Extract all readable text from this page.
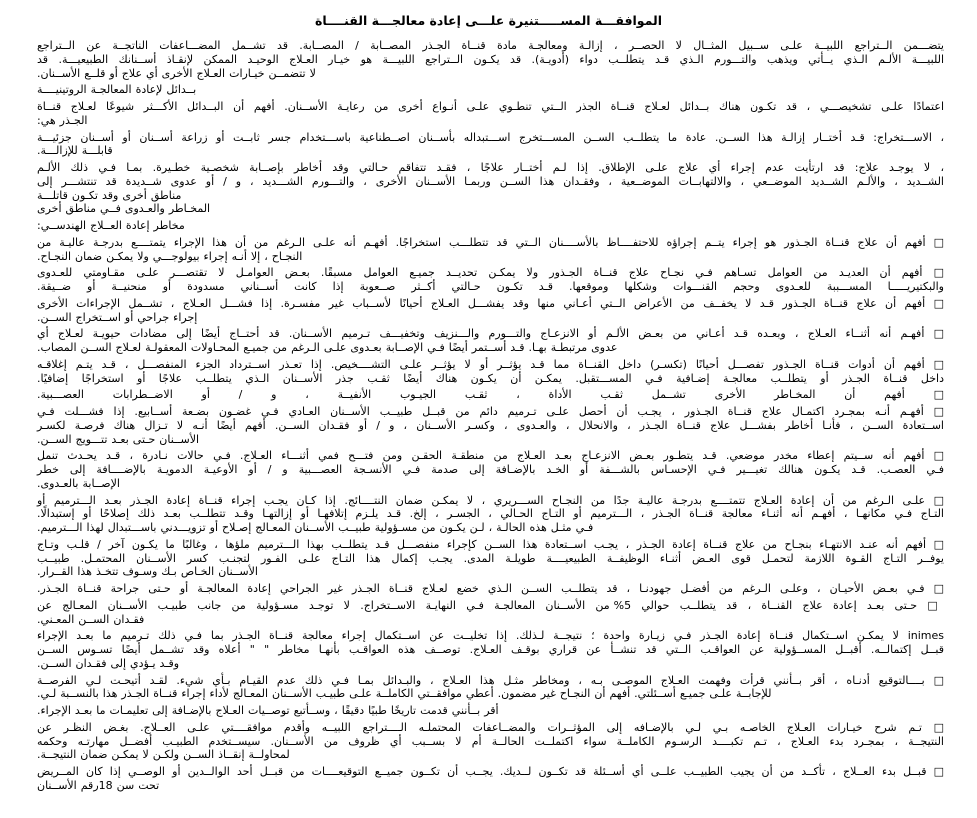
الموافقـــة المســـــتنيرة علـــى إعادة معالجـــة القنــــاة
يتضـــمن الــتراجع اللبيــة علـى ســبيل المثــال لا الحصــر ، إزالـة ومعالجـة مادة قنــاة الجـذر المصــابة / المصــابة. قد تشــمل المضـــاعفات الناتجــة عن الــتراجع
اللبيـــة الألـم الـذي يــأتي ويذهب والتـــورم الـذي قـد يتطلــب دواء (أدويـة). قد يكـون الــتراجع اللبيـــة هو خيـار العـلاج الوحيـد الممكن لإنقـاذ أســنانك الطبيعيـــة. قد
لا تتضمــن خيـارات العـلاج الأخرى أي علاج أو قلــع الأســنان.
بــدائل لإعادة المعالجـة الروتينيــــة
اعتمادًا علـى تشخيصـــي ، قد تكـون هناك بــدائل لعـلاج قنــاة الجذر الــتي تنطـوي علـى أنـواع أخرى من رعايـة الأســنان. أفهم أن البــدائل الأكـــثر شيوعًا لعـلاج قنــاة
الجـذر هي:
، الاســـتخراج: قـد أختــار إزالـة هذا الســن. عادة ما يتطلــب الســن المســـتخرج اســـتبداله بأســنان اصــطناعية باســـتخدام جسر ثابــت أو زراعة أســنان أو أســنان جزئيـــة
قابلـــة للإزالـــة.
، لا يوجـد علاج: قد ارتأيت عدم إجراء أي علاج علـى الإطلاق. إذا لـم أختــار علاجًا ، فقـد تتفاقم حـالتي وقد أخاطر بإصــابة شخصـية خطـيرة. بمـا فـي ذلك الألـم
الشــديد ، والألـم الشــديد الموضــعي ، والالتهابــات الموضــعية ، وفقـدان هذا الســن وربمـا الأســنان الأخرى ، والتـــورم الشـــديد ، و / أو عدوى شــديدة قد تنتشـــر إلى
مناطق أخرى وقد تكـون قاتلـــة
المخـاطر والعـدوى فــي مناطق أخرى
مخاطر إعادة العــلاج الهندســي:
□ أفهم أن علاج قنــاة الجـذور هو إجراء يتــم إجراؤه للاحتفــــاظ بالأســــنان الــتي قد تتطلـــب استخراجًا. أفهـم أنه علـى الـرغم من أن هذا الإجراء يتمتــــع بدرجـة عاليـة من
النجـاح ، إلا أنـه إجراء بيولوجـــي ولا يمكـن ضمان النجـاح.
□ أفهم أن العديـد من العوامل تسـاهم فـي نجـاح علاج قنــاة الجـذور ولا يمكـن تحديــد جميـع العوامل مسبقًا. بعـض العوامـل لا تقتصـــر علـى مقـاومتي للعـدوى
والبكتيريـــــا المســـببة للعـدوى وحجم القنـــوات وشكلها وموقعها. قـد تكـون حـالتي أكــثر صــعوبة إذا كانت أســناني مسدودة أو منحنيــة أو ضــيقة.
□ أفهم أن علاج قنــاة الجـذور قـد لا يخفــف من الأعراض الــتي أعـاني منها وقد يفشـــل العـلاج أحيانًا لأســباب غير مفسـرة. إذا فشـــل العـلاج ، تشــمل الإجراءات الأخرى
إجراء جراحي أو اســتخراج الســن.
□ أفهـم أنه أثنــاء العـلاج ، وبعـده قـد أعـاني من بعـض الألـم أو الانزعـاج والتـــورم والـــنزيف وتخفيـــف تـرميم الأســنان. قد أحتــاج أيضًا إلى مضادات حيويـة لعـلاج أي
عدوى مرتبطـة بهـا. قـد أســتمر أيضًا فـي الإصــابة بعـدوى علـى الـرغم من جميـع المحـاولات المعقولـة لعـلاج الســن المصاب.
□ أفهم أن أدوات قنــاة الجـذور تفصـــل أحيانًا (تكسـر) داخل القنــاة مما قـد يؤثــر أو لا يؤثــر علـى التشــــخيص. إذا تعـذر اســترداد الجزء المنفصـــل ، قـد يتـم إغلاقـه
داخل قنــاة الجـذر أو يتطلــب معالجـة إضـافية فـي المســـتقبل. يمكـن أن يكـون هناك أيضًا ثقـب جذر الأســنان الـذي يتطلــب علاجًا أو استخراجًا إضافيًا.
□ أفهم أن المخـاطر الأخرى تشــمل ثقـب الأداة ، ثقـب الجيـوب الأنفيــة ، و / أو الاضــطرابات العصـــبية.
□ أفهـم أنـه بمجـرد اكتمـال علاج قنــاة الجـذور ، يجـب أن أحصل علـى تـرميم دائم من قبــل طبيــب الأســنان العـادي فـي غضـون بضـعة أســابيع. إذا فشـــلت فـي
اســتعادة الســن ، فأنـا أخاطر بفشـــل علاج قنــاة الجـذر ، والانحلال ، والعـدوى ، وكسـر الأســنان ، و / أو فقـدان الســن. أفهم أيضًا أنـه لا تـزال هناك فرصـة لكسـر
الأســنان حـتى بعـد تتـــويج الســن.
□ أفهم أنه ســيتم إعطاء مخدر موضعي. قـد يتطـور بعـض الانزعـاج بعـد العـلاج من منطقـة الحقـن ومن فتـــح فمي أثنـــاء العـلاج. فـي حالات نـادرة ، قـد يحـدث تنمل
فـي العصـب. قـد يكـون هنالك تغيـــير فـي الإحسـاس بالشـــفة أو الخـد بالإضـافة إلى صدمة فـي الأنسـجة العصـــبية و / أو الأوعيـة الدمويـة بالإضــــافة إلى خطر
الإصــابة بالعـدوى.
□ علـى الـرغم من أن إعادة العـلاج تتمتــــع بدرجـة عاليـة جدًا من النجـاح الســـريري ، لا يمكـن ضمان النتــــائج. إذا كـان يجـب إجراء قنــاة إعادة الجـذر بعـد الـــترميم أو
التـاج فـي مكانهـا ، أفهـم أنه أثنـاء معالجة قنــاة الجـذر ، الـــترميم أو التـاج الحـالي ، الجسـر ، إلخ. قـد يلـزم إتلافهـا أو إزالتهـا وقـد تتطلــب بعـد ذلك إصلاحًا أو إستبدالًا.
فـي مثـل هذه الحالـة ، لـن يكـون من مسـؤولية طبيــب الأســنان المعـالج إصـلاح أو تزويـــدني باســـتبدال لهذا الـــترميم.
□ أفهم أنه عنـد الانتهـاء بنجـاح من علاج قنــاة إعادة الجـذر ، يجـب اســتعادة هذا الســن كإجراء منفصـــل قـد يتطلــب بهذا الـــترميم ملؤها ، وغالبًا ما يكـون آخر / قلـب وتـاج
يوفــر التـاج القـوة اللازمة لتحمـل قوى العـض أثنـاء الوظيفــة الطبيعيــــة طويلـة المدى. يجـب إكمال هذا التـاج علـى الفـور لتجنـب كسر الأســنان المحتمـل. طبيــب
الأســنان الخـاص بـك وسـوف تتخـذ هذا القــرار.
□ فـي بعـض الأحيـان ، وعلـى الـرغم من أفضـل جهودنـا ، قد يتطلــب الســن الـذي خضع لعـلاج قنــاة الجـذر غير الجراحي إعادة المعالجـة أو حـتى جراحة قنــاة الجـذر.
□ حـتى بعـد إعادة علاج القنــاة ، قد يتطلــب حوالي 5% من الأســنان المعالجـة فـي النهايـة الاســتخراج. لا توجـد مسـؤولية من جانب طبيـب الأســنان المعـالج عن
فقـدان الســن المعـني.
inimes لا يمكـن اســتكمال قنــاة إعادة الجـذر فـي زيـارة واحدة ؛ نتيجــة لـذلك. إذا تخليــت عن اســتكمال إجراء معالجة قنــاة الجـذر بما فـي ذلك تـرميم ما بعـد الإجراء
قبــل إكتمالــه. أقبــل المســؤولية عن العواقـب الــتي قد تنشــأ عن قراري بوقـف العـلاج. توصــف هذه العواقـب بأنهـا مخاطر " " أعلاه وقد تشــمل أيضًا تسـوس الســن
وقـد يـؤدي إلى فقـدان الســن.
□ بــــالتوقيع أدنـاه ، أقر بــأنني قرأت وفهمت العـلاج الموصـى بـه ، ومخاطر مثـل هذا العـلاج ، والبـدائل بمـا فـي ذلك عدم القيـام بـأي شيء. لقـد أتيحـت لـي الفرصــة
للإجابــة علـى جميـع أســئلتي. أفهم أن النجـاح غير مضمون. أعطي موافقــتي الكاملــة علـى طبيـب الأســنان المعـالج لأداء إجراء قنــاة الجـذر هذا بالنســبة لـي.
أقر بــأنني قدمت تاريخًا طبيًا دقيقًا ، وســأتبع توصــيات العـلاج بالإضـافة إلى تعليمـات ما بعـد الإجراء.
□ تـم شرح خيـارات العـلاج الخاصـه بـي لـي بالإضـافه إلى المؤثــرات والمضــاعفات المحتملـه الــــتراجع اللبيــه وأقدم موافقــــتي علـى العــلاج. بغـض النظـر عن
النتيجــة ، بمجـرد بدء العـلاج ، تـم تكبــــد الرسـوم الكاملــة سواء اكتملــت الحالــة أم لا بســبب أي ظروف من الأســنان. سيســتخدم الطبيـب أفضــل مهارتـه وحكمه
لمحاولــة إنقــاذ الســن ولكـن لا يمكـن ضمان النتيجــة.
□ قبــل بدء العــلاج ، تأكــد من أن يجيب الطبيــب علــى أي أســئلة قد تكــون لــديك. يجــب أن تكــون جميــع التوقيعــــات من قبــل أحد الوالــدين أو الوصــي إذا كان المــريض
تحت سن 18رقم الأســنان
